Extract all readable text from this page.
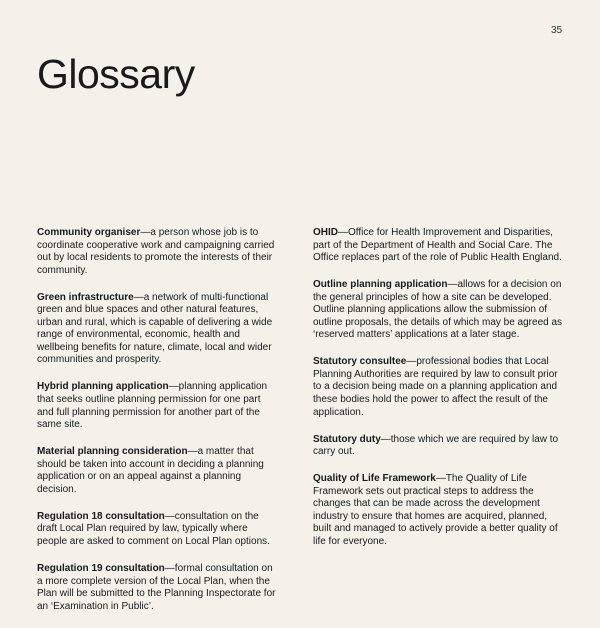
35
Glossary

Community organiser—a person whose job is to coordinate cooperative work and campaigning carried out by local residents to promote the interests of their community.

Green infrastructure—a network of multi-functional green and blue spaces and other natural features, urban and rural, which is capable of delivering a wide range of environmental, economic, health and wellbeing benefits for nature, climate, local and wider communities and prosperity.

Hybrid planning application—planning application that seeks outline planning permission for one part and full planning permission for another part of the same site.

Material planning consideration—a matter that should be taken into account in deciding a planning application or on an appeal against a planning decision.

Regulation 18 consultation—consultation on the draft Local Plan required by law, typically where people are asked to comment on Local Plan options.

Regulation 19 consultation—formal consultation on a more complete version of the Local Plan, when the Plan will be submitted to the Planning Inspectorate for an ‘Examination in Public’.

OHID—Office for Health Improvement and Disparities, part of the Department of Health and Social Care. The Office replaces part of the role of Public Health England.

Outline planning application—allows for a decision on the general principles of how a site can be developed. Outline planning applications allow the submission of outline proposals, the details of which may be agreed as ‘reserved matters’ applications at a later stage.

Statutory consultee—professional bodies that Local Planning Authorities are required by law to consult prior to a decision being made on a planning application and these bodies hold the power to affect the result of the application.

Statutory duty—those which we are required by law to carry out.

Quality of Life Framework—The Quality of Life Framework sets out practical steps to address the changes that can be made across the development industry to ensure that homes are acquired, planned, built and managed to actively provide a better quality of life for everyone.
